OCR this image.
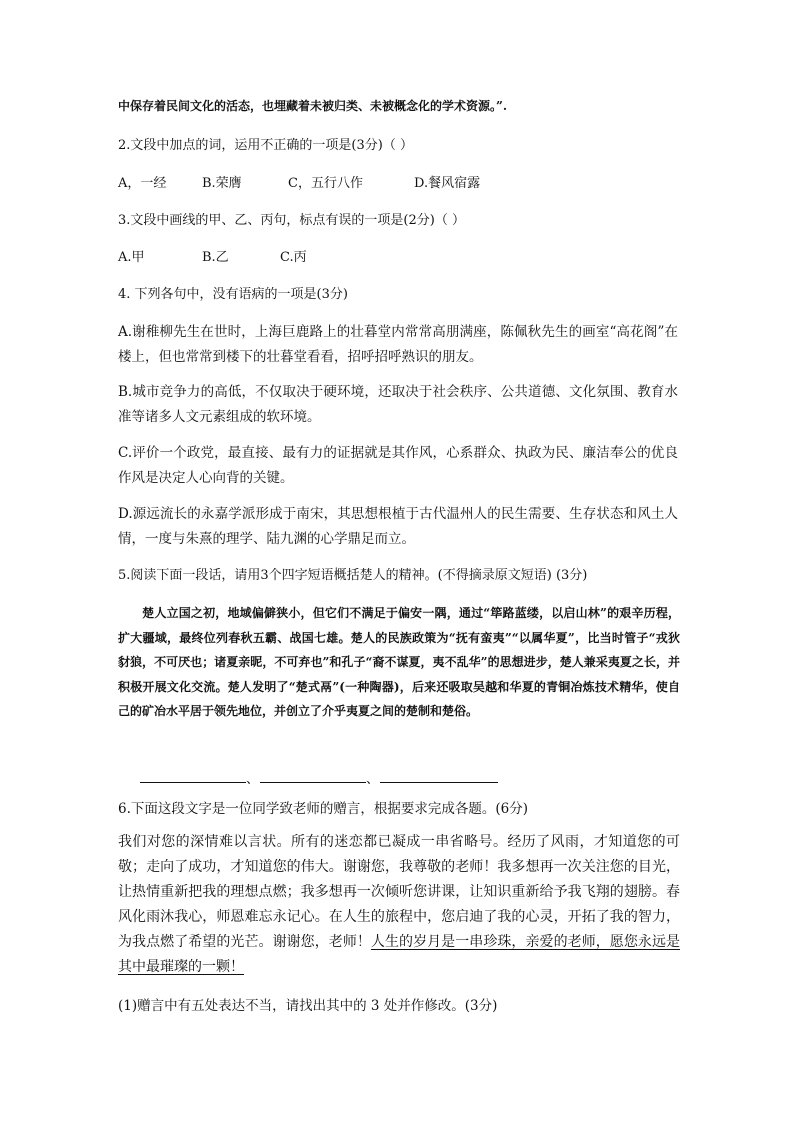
中保存着民间文化的活态，也埋藏着未被归类、未被概念化的学术资源。”.
2.文段中加点的词，运用不正确的一项是(3分)（ ）
A，一经	B.荣膺	C，五行八作	D.餐风宿露
3.文段中画线的甲、乙、丙句，标点有误的一项是(2分)（ ）
A.甲	B.乙	C.丙
4. 下列各句中，没有语病的一项是(3分)
A.谢稚柳先生在世时，上海巨鹿路上的壮暮堂内常常高朋满座，陈佩秋先生的画室“高花阁”在楼上，但也常常到楼下的壮暮堂看看，招呼招呼熟识的朋友。
B.城市竞争力的高低，不仅取决于硬环境，还取决于社会秩序、公共道德、文化氛围、教育水准等诸多人文元素组成的软环境。
C.评价一个政党，最直接、最有力的证据就是其作风，心系群众、执政为民、廉洁奉公的优良作风是决定人心向背的关键。
D.源远流长的永嘉学派形成于南宋，其思想根植于古代温州人的民生需要、生存状态和风土人情，一度与朱熹的理学、陆九渊的心学鼎足而立。
5.阅读下面一段话，请用3个四字短语概括楚人的精神。(不得摘录原文短语) (3分)
楚人立国之初，地域偏僻狭小，但它们不满足于偏安一隅，通过“筚路蓝缕，以启山林”的艰辛历程，扩大疆域，最终位列春秋五霸、战国七雄。楚人的民族政策为“抚有蛮夷”“以属华夏”，比当时管子“戎狄豺狼，不可厌也；诸夏亲昵，不可弃也”和孔子“裔不谋夏，夷不乱华”的思想进步，楚人兼采夷夏之长，并积极开展文化交流。楚人发明了“楚式鬲”(一种陶器)，后来还吸取吴越和华夏的青铜冶炼技术精华，使自己的矿冶水平居于领先地位，并创立了介乎夷夏之间的楚制和楚俗。
、	、
6.下面这段文字是一位同学致老师的赠言，根据要求完成各题。(6分)
我们对您的深情难以言状。所有的迷恋都已凝成一串省略号。经历了风雨，才知道您的可敬；走向了成功，才知道您的伟大。谢谢您，我尊敬的老师！我多想再一次关注您的目光，让热情重新把我的理想点燃；我多想再一次倾听您讲课，让知识重新给予我飞翔的翅膀。春风化雨沐我心，师恩难忘永记心。在人生的旅程中，您启迪了我的心灵，开拓了我的智力，为我点燃了希望的光芒。谢谢您，老师！人生的岁月是一串珍珠，亲爱的老师，愿您永远是其中最璀璨的一颗！
(1)赠言中有五处表达不当，请找出其中的 3 处并作修改。(3分)
